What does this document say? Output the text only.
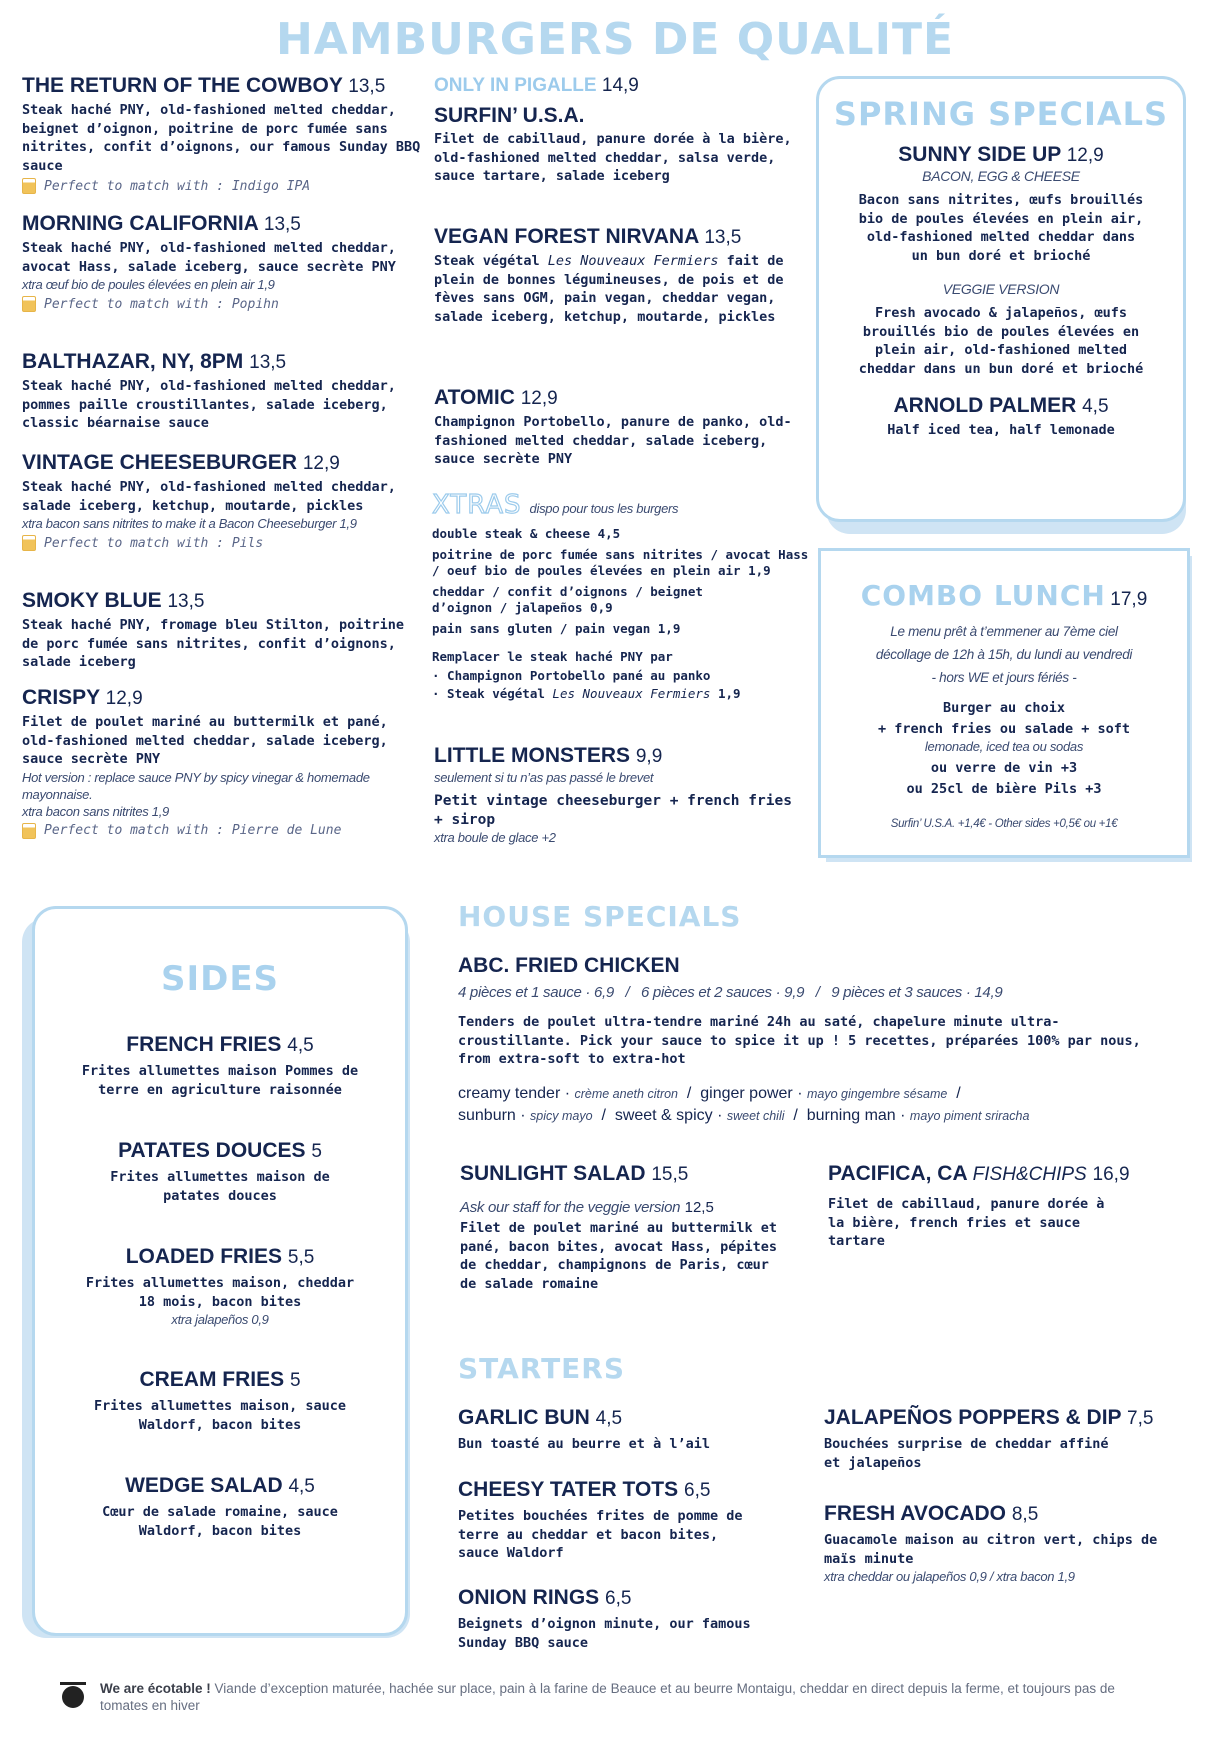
HAMBURGERS DE QUALITÉ
THE RETURN OF THE COWBOY 13,5
Steak haché PNY, old-fashioned melted cheddar, beignet d’oignon, poitrine de porc fumée sans nitrites, confit d’oignons, our famous Sunday BBQ sauce
Perfect to match with : Indigo IPA
MORNING CALIFORNIA 13,5
Steak haché PNY, old-fashioned melted cheddar, avocat Hass, salade iceberg, sauce secrète PNY
xtra œuf bio de poules élevées en plein air 1,9
Perfect to match with : Popihn
BALTHAZAR, NY, 8PM 13,5
Steak haché PNY, old-fashioned melted cheddar, pommes paille croustillantes, salade iceberg, classic béarnaise sauce
VINTAGE CHEESEBURGER 12,9
Steak haché PNY, old-fashioned melted cheddar, salade iceberg, ketchup, moutarde, pickles
xtra bacon sans nitrites to make it a Bacon Cheeseburger 1,9
Perfect to match with : Pils
SMOKY BLUE 13,5
Steak haché PNY, fromage bleu Stilton, poitrine de porc fumée sans nitrites, confit d’oignons, salade iceberg
CRISPY 12,9
Filet de poulet mariné au buttermilk et pané, old-fashioned melted cheddar, salade iceberg, sauce secrète PNY
Hot version : replace sauce PNY by spicy vinegar & homemade mayonnaise.
xtra bacon sans nitrites 1,9
Perfect to match with : Pierre de Lune
ONLY IN PIGALLE 14,9
SURFIN’ U.S.A.
Filet de cabillaud, panure dorée à la bière, old-fashioned melted cheddar, salsa verde, sauce tartare, salade iceberg
VEGAN FOREST NIRVANA 13,5
Steak végétal Les Nouveaux Fermiers fait de plein de bonnes légumineuses, de pois et de fèves sans OGM, pain vegan, cheddar vegan, salade iceberg, ketchup, moutarde, pickles
ATOMIC 12,9
Champignon Portobello, panure de panko, old-fashioned melted cheddar, salade iceberg, sauce secrète PNY
XTRAS dispo pour tous les burgers
double steak & cheese 4,5
poitrine de porc fumée sans nitrites / avocat Hass / oeuf bio de poules élevées en plein air 1,9
cheddar / confit d’oignons / beignet d’oignon / jalapeños 0,9
pain sans gluten / pain vegan 1,9
Remplacer le steak haché PNY par
· Champignon Portobello pané au panko
· Steak végétal Les Nouveaux Fermiers 1,9
LITTLE MONSTERS 9,9
seulement si tu n’as pas passé le brevet
Petit vintage cheeseburger + french fries + sirop
xtra boule de glace +2
SPRING SPECIALS
SUNNY SIDE UP 12,9
BACON, EGG & CHEESE
Bacon sans nitrites, œufs brouillés bio de poules élevées en plein air, old-fashioned melted cheddar dans un bun doré et brioché
VEGGIE VERSION
Fresh avocado & jalapeños, œufs brouillés bio de poules élevées en plein air, old-fashioned melted cheddar dans un bun doré et brioché
ARNOLD PALMER 4,5
Half iced tea, half lemonade
COMBO LUNCH 17,9
Le menu prêt à t’emmener au 7ème ciel
décollage de 12h à 15h, du lundi au vendredi
- hors WE et jours fériés -
Burger au choix
+ french fries ou salade + soft
lemonade, iced tea ou sodas
ou verre de vin +3
ou 25cl de bière Pils +3
Surfin’ U.S.A. +1,4€ - Other sides +0,5€ ou +1€
SIDES
FRENCH FRIES 4,5
Frites allumettes maison Pommes de terre en agriculture raisonnée
PATATES DOUCES 5
Frites allumettes maison de patates douces
LOADED FRIES 5,5
Frites allumettes maison, cheddar 18 mois, bacon bites
xtra jalapeños 0,9
CREAM FRIES 5
Frites allumettes maison, sauce Waldorf, bacon bites
WEDGE SALAD 4,5
Cœur de salade romaine, sauce Waldorf, bacon bites
HOUSE SPECIALS
ABC. FRIED CHICKEN
4 pièces et 1 sauce · 6,9   /   6 pièces et 2 sauces · 9,9   /   9 pièces et 3 sauces · 14,9
Tenders de poulet ultra-tendre mariné 24h au saté, chapelure minute ultra-croustillante. Pick your sauce to spice it up ! 5 recettes, préparées 100% par nous, from extra-soft to extra-hot
creamy tender · crème aneth citron  /  ginger power · mayo gingembre sésame  /
sunburn · spicy mayo  /  sweet & spicy · sweet chili  /  burning man · mayo piment sriracha
SUNLIGHT SALAD 15,5
Ask our staff for the veggie version 12,5
Filet de poulet mariné au buttermilk et pané, bacon bites, avocat Hass, pépites de cheddar, champignons de Paris, cœur de salade romaine
PACIFICA, CA FISH&CHIPS 16,9
Filet de cabillaud, panure dorée à la bière, french fries et sauce tartare
STARTERS
GARLIC BUN 4,5
Bun toasté au beurre et à l’ail
CHEESY TATER TOTS 6,5
Petites bouchées frites de pomme de terre au cheddar et bacon bites, sauce Waldorf
ONION RINGS 6,5
Beignets d’oignon minute, our famous Sunday BBQ sauce
JALAPEÑOS POPPERS & DIP 7,5
Bouchées surprise de cheddar affiné et jalapeños
FRESH AVOCADO 8,5
Guacamole maison au citron vert, chips de maïs minute
xtra cheddar ou jalapeños 0,9 / xtra bacon 1,9
We are écotable ! Viande d’exception maturée, hachée sur place, pain à la farine de Beauce et au beurre Montaigu, cheddar en direct depuis la ferme, et toujours pas de tomates en hiver
